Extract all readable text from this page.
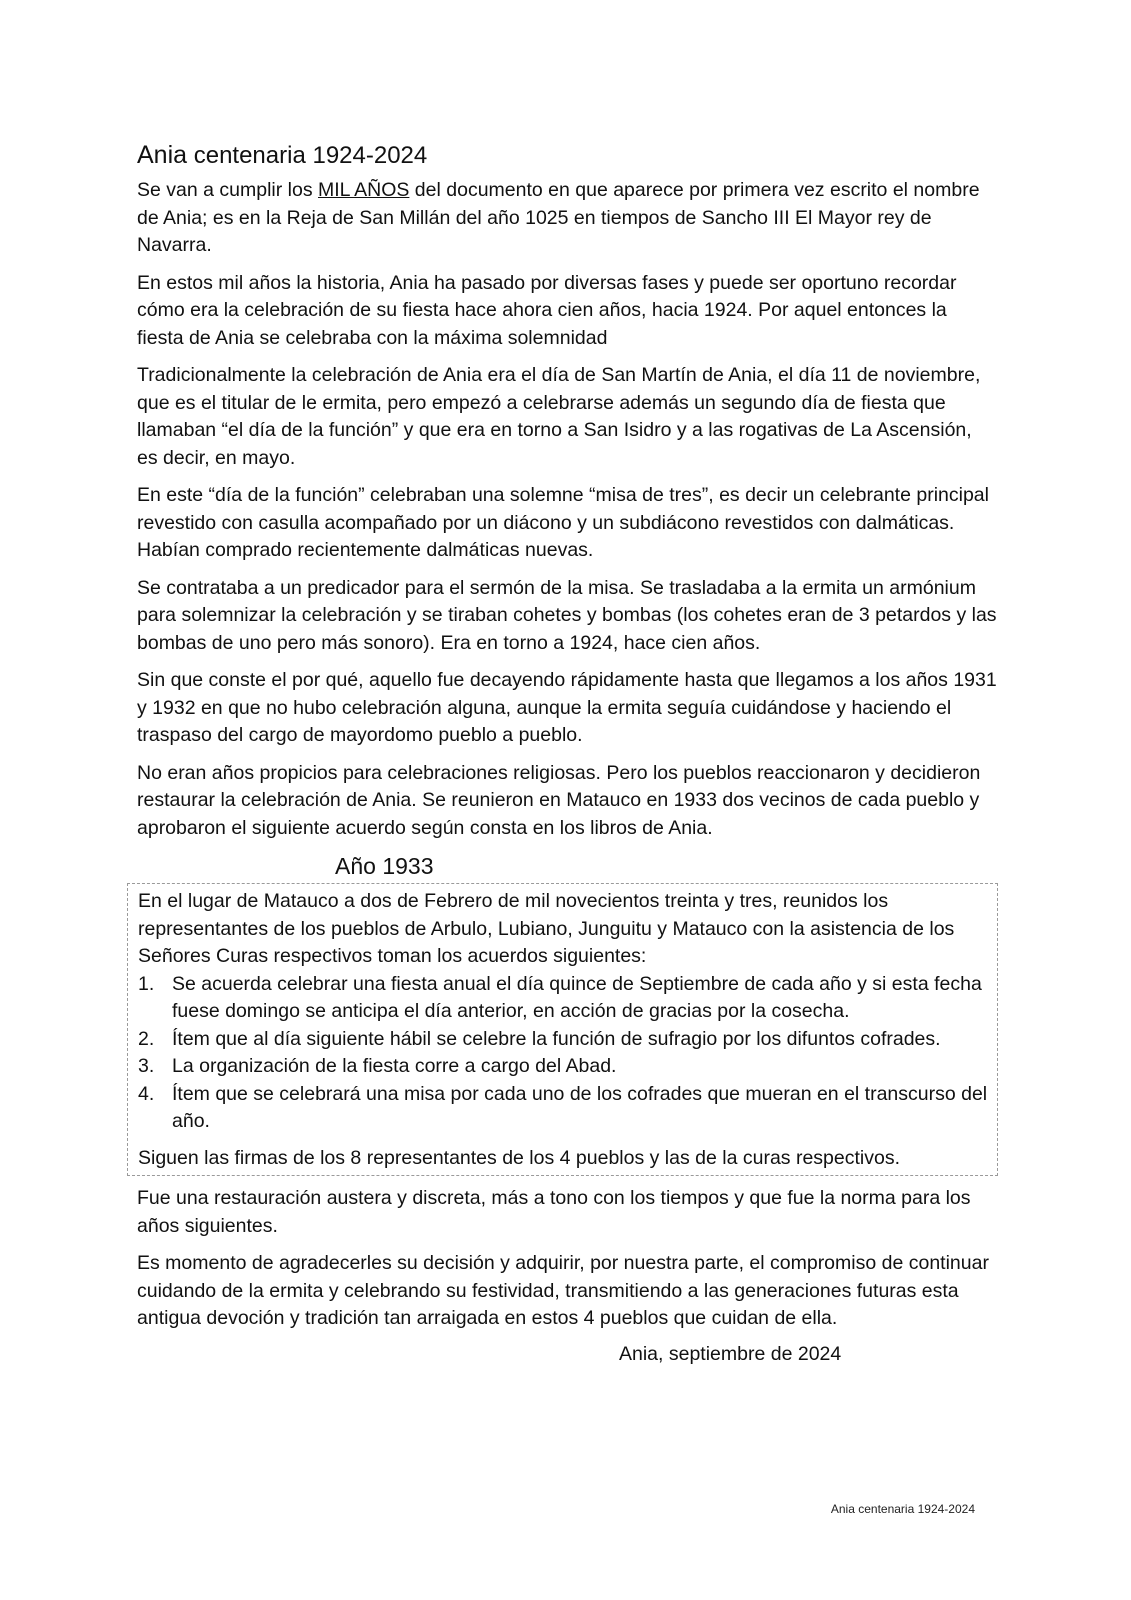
Ania centenaria 1924-2024

Se van a cumplir los MIL AÑOS del documento en que aparece por primera vez escrito el nombre de Ania; es en la Reja de San Millán del año 1025 en tiempos de Sancho III El Mayor rey de Navarra.

En estos mil años la historia, Ania ha pasado por diversas fases y puede ser oportuno recordar cómo era la celebración de su fiesta hace ahora cien años, hacia 1924. Por aquel entonces la fiesta de Ania se celebraba con la máxima solemnidad

Tradicionalmente la celebración de Ania era el día de San Martín de Ania, el día 11 de noviembre, que es el titular de le ermita, pero empezó a celebrarse además un segundo día de fiesta que llamaban “el día de la función” y que era en torno a San Isidro y a las rogativas de La Ascensión, es decir, en mayo.

En este “día de la función” celebraban una solemne “misa de tres”, es decir un celebrante principal revestido con casulla acompañado por un diácono y un subdiácono revestidos con dalmáticas. Habían comprado recientemente dalmáticas nuevas.

Se contrataba a un predicador para el sermón de la misa. Se trasladaba a la ermita un armónium para solemnizar la celebración y se tiraban cohetes y bombas (los cohetes eran de 3 petardos y las bombas de uno pero más sonoro). Era en torno a 1924, hace cien años.

Sin que conste el por qué, aquello fue decayendo rápidamente hasta que llegamos a los años 1931 y 1932 en que no hubo celebración alguna, aunque la ermita seguía cuidándose y haciendo el traspaso del cargo de mayordomo pueblo a pueblo.

No eran años propicios para celebraciones religiosas. Pero los pueblos reaccionaron y decidieron restaurar la celebración de Ania. Se reunieron en Matauco en 1933 dos vecinos de cada pueblo y aprobaron el siguiente acuerdo según consta en los libros de Ania.

Año 1933

En el lugar de Matauco a dos de Febrero de mil novecientos treinta y tres, reunidos los representantes de los pueblos de Arbulo, Lubiano, Junguitu y Matauco con la asistencia de los Señores Curas respectivos toman los acuerdos siguientes:

1. Se acuerda celebrar una fiesta anual el día quince de Septiembre de cada año y si esta fecha fuese domingo se anticipa el día anterior, en acción de gracias por la cosecha.
2. Ítem que al día siguiente hábil se celebre la función de sufragio por los difuntos cofrades.
3. La organización de la fiesta corre a cargo del Abad.
4. Ítem que se celebrará una misa por cada uno de los cofrades que mueran en el transcurso del año.

Siguen las firmas de los 8 representantes de los 4 pueblos y las de la curas respectivos.

Fue una restauración austera y discreta, más a tono con los tiempos y que fue la norma para los años siguientes.

Es momento de agradecerles su decisión y adquirir, por nuestra parte, el compromiso de continuar cuidando de la ermita y celebrando su festividad, transmitiendo a las generaciones futuras esta antigua devoción y tradición tan arraigada en estos 4 pueblos que cuidan de ella.

Ania, septiembre de 2024
Ania centenaria 1924-2024
